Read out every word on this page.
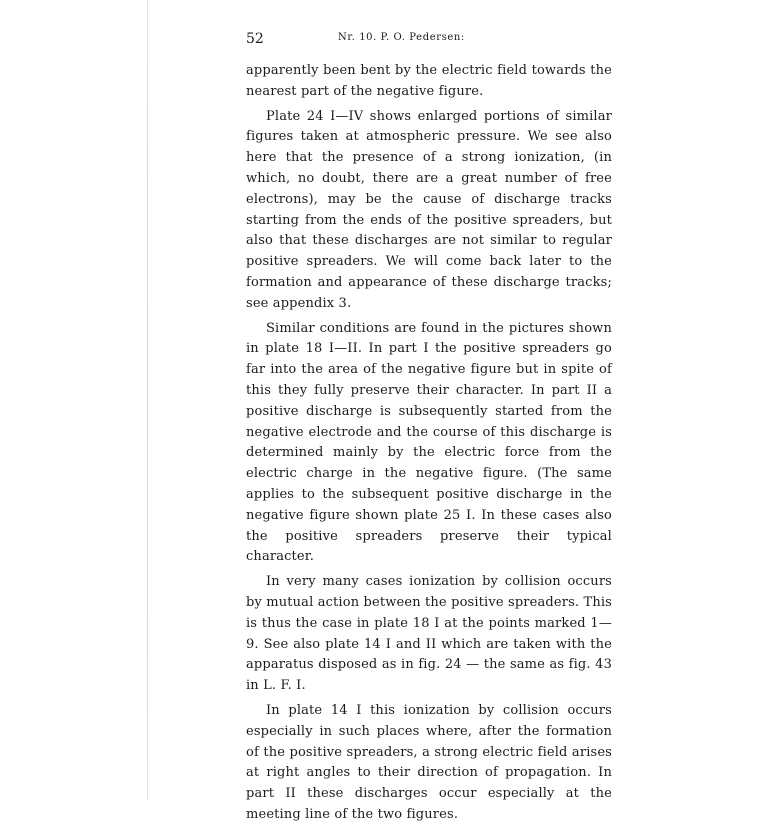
52	Nr. 10. P. O. Pedersen:

apparently been bent by the electric field towards the nearest part of the negative figure.

Plate 24 I—IV shows enlarged portions of similar figures taken at atmospheric pressure. We see also here that the presence of a strong ionization, (in which, no doubt, there are a great number of free electrons), may be the cause of discharge tracks starting from the ends of the positive spreaders, but also that these discharges are not similar to regular positive spreaders. We will come back later to the formation and appearance of these discharge tracks; see appendix 3.

Similar conditions are found in the pictures shown in plate 18 I—II. In part I the positive spreaders go far into the area of the negative figure but in spite of this they fully preserve their character. In part II a positive discharge is subsequently started from the negative electrode and the course of this discharge is determined mainly by the electric force from the electric charge in the negative figure. (The same applies to the subsequent positive discharge in the negative figure shown plate 25 I. In these cases also the positive spreaders preserve their typical character.

In very many cases ionization by collision occurs by mutual action between the positive spreaders. This is thus the case in plate 18 I at the points marked 1—9. See also plate 14 I and II which are taken with the apparatus disposed as in fig. 24 — the same as fig. 43 in L. F. I.

In plate 14 I this ionization by collision occurs especially in such places where, after the formation of the positive spreaders, a strong electric field arises at right angles to their direction of propagation. In part II these discharges occur especially at the meeting line of the two figures.
